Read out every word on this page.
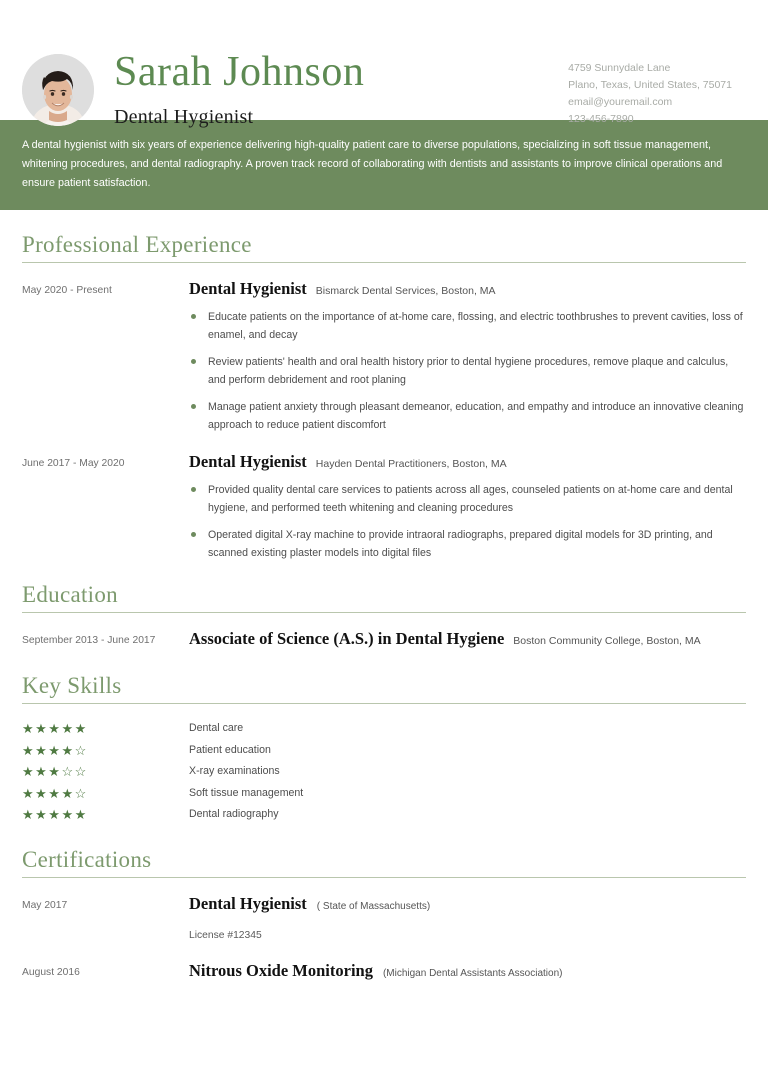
Sarah Johnson
Dental Hygienist
4759 Sunnydale Lane
Plano, Texas, United States, 75071
email@youremail.com
123-456-7890
A dental hygienist with six years of experience delivering high-quality patient care to diverse populations, specializing in soft tissue management, whitening procedures, and dental radiography. A proven track record of collaborating with dentists and assistants to improve clinical operations and ensure patient satisfaction.
Professional Experience
May 2020 - Present	Dental Hygienist Bismarck Dental Services, Boston, MA
Educate patients on the importance of at-home care, flossing, and electric toothbrushes to prevent cavities, loss of enamel, and decay
Review patients' health and oral health history prior to dental hygiene procedures, remove plaque and calculus, and perform debridement and root planing
Manage patient anxiety through pleasant demeanor, education, and empathy and introduce an innovative cleaning approach to reduce patient discomfort
June 2017 - May 2020	Dental Hygienist Hayden Dental Practitioners, Boston, MA
Provided quality dental care services to patients across all ages, counseled patients on at-home care and dental hygiene, and performed teeth whitening and cleaning procedures
Operated digital X-ray machine to provide intraoral radiographs, prepared digital models for 3D printing, and scanned existing plaster models into digital files
Education
September 2013 - June 2017	Associate of Science (A.S.) in Dental Hygiene Boston Community College, Boston, MA
Key Skills
★★★★★	Dental care
★★★★☆	Patient education
★★★☆☆	X-ray examinations
★★★★☆	Soft tissue management
★★★★★	Dental radiography
Certifications
May 2017	Dental Hygienist	( State of Massachusetts)
License #12345
August 2016	Nitrous Oxide Monitoring	(Michigan Dental Assistants Association)
